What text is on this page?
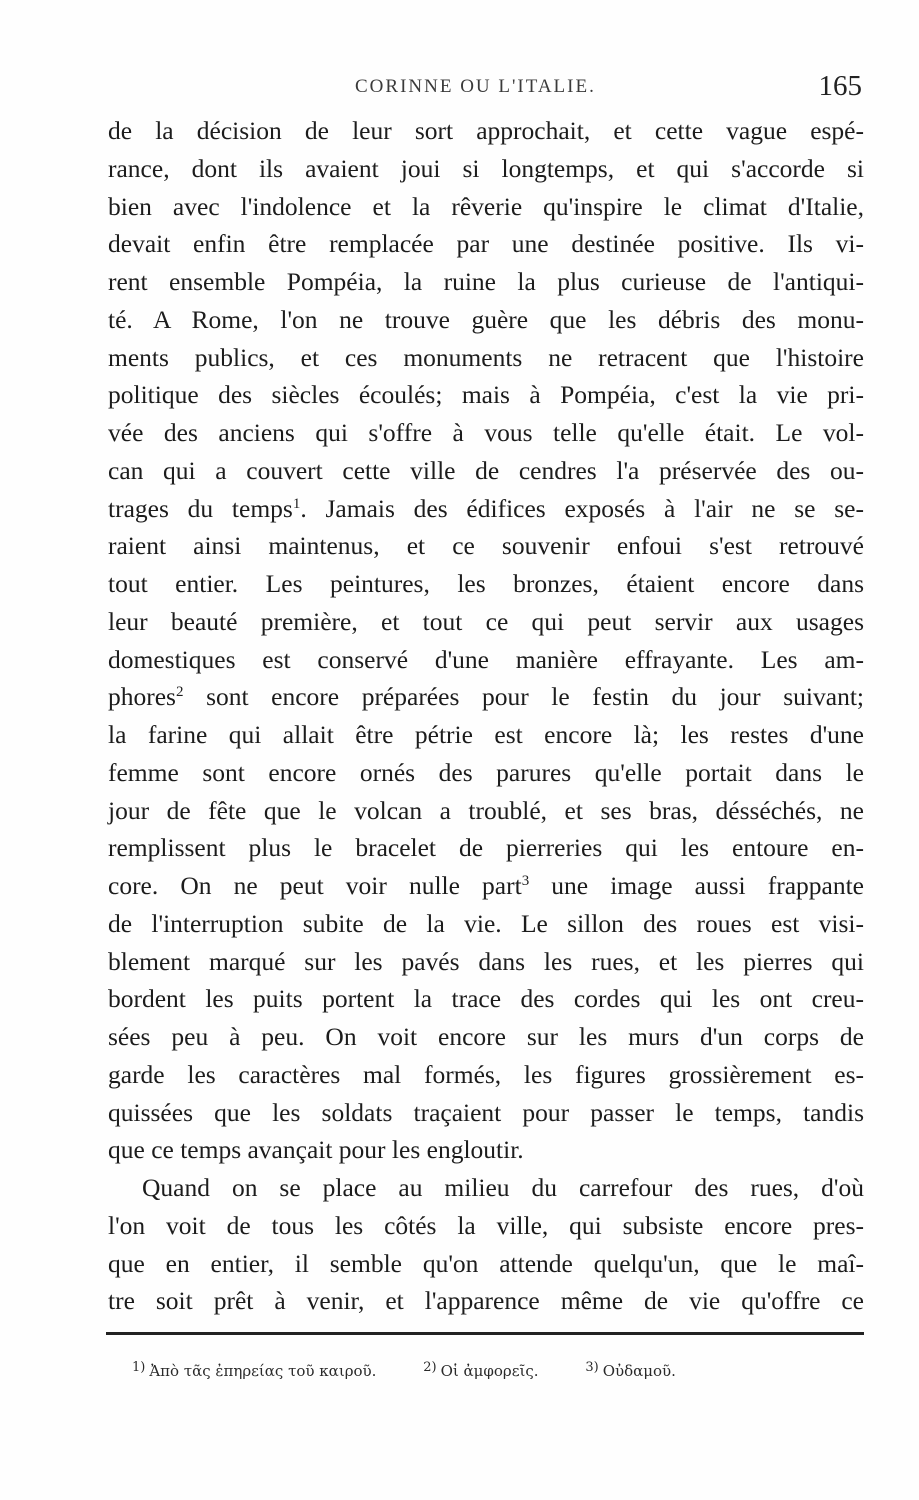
CORINNE OU L'ITALIE.	165
de la décision de leur sort approchait, et cette vague espé-
rance, dont ils avaient joui si longtemps, et qui s'accorde si
bien avec l'indolence et la rêverie qu'inspire le climat d'Italie,
devait enfin être remplacée par une destinée positive. Ils vi-
rent ensemble Pompéia, la ruine la plus curieuse de l'antiqui-
té. A Rome, l'on ne trouve guère que les débris des monu-
ments publics, et ces monuments ne retracent que l'histoire
politique des siècles écoulés; mais à Pompéia, c'est la vie pri-
vée des anciens qui s'offre à vous telle qu'elle était. Le vol-
can qui a couvert cette ville de cendres l'a préservée des ou-
trages du temps$^1$. Jamais des édifices exposés à l'air ne se se-
raient ainsi maintenus, et ce souvenir enfoui s'est retrouvé
tout entier. Les peintures, les bronzes, étaient encore dans
leur beauté première, et tout ce qui peut servir aux usages
domestiques est conservé d'une manière effrayante. Les am-
phores$^2$ sont encore préparées pour le festin du jour suivant;
la farine qui allait être pétrie est encore là; les restes d'une
femme sont encore ornés des parures qu'elle portait dans le
jour de fête que le volcan a troublé, et ses bras, désséchés, ne
remplissent plus le bracelet de pierreries qui les entoure en-
core. On ne peut voir nulle part$^3$ une image aussi frappante
de l'interruption subite de la vie. Le sillon des roues est visi-
blement marqué sur les pavés dans les rues, et les pierres qui
bordent les puits portent la trace des cordes qui les ont creu-
sées peu à peu. On voit encore sur les murs d'un corps de
garde les caractères mal formés, les figures grossièrement es-
quissées que les soldats traçaient pour passer le temps, tandis
que ce temps avançait pour les engloutir.
Quand on se place au milieu du carrefour des rues, d'où
l'on voit de tous les côtés la ville, qui subsiste encore pres-
que en entier, il semble qu'on attende quelqu'un, que le maî-
tre soit prêt à venir, et l'apparence même de vie qu'offre ce
1) Ἀπὸ τᾶς ἐπηρείας τοῦ καιροῦ.	2) Οἱ ἀμφορεῖς.	3) Οὐδαμοῦ.
